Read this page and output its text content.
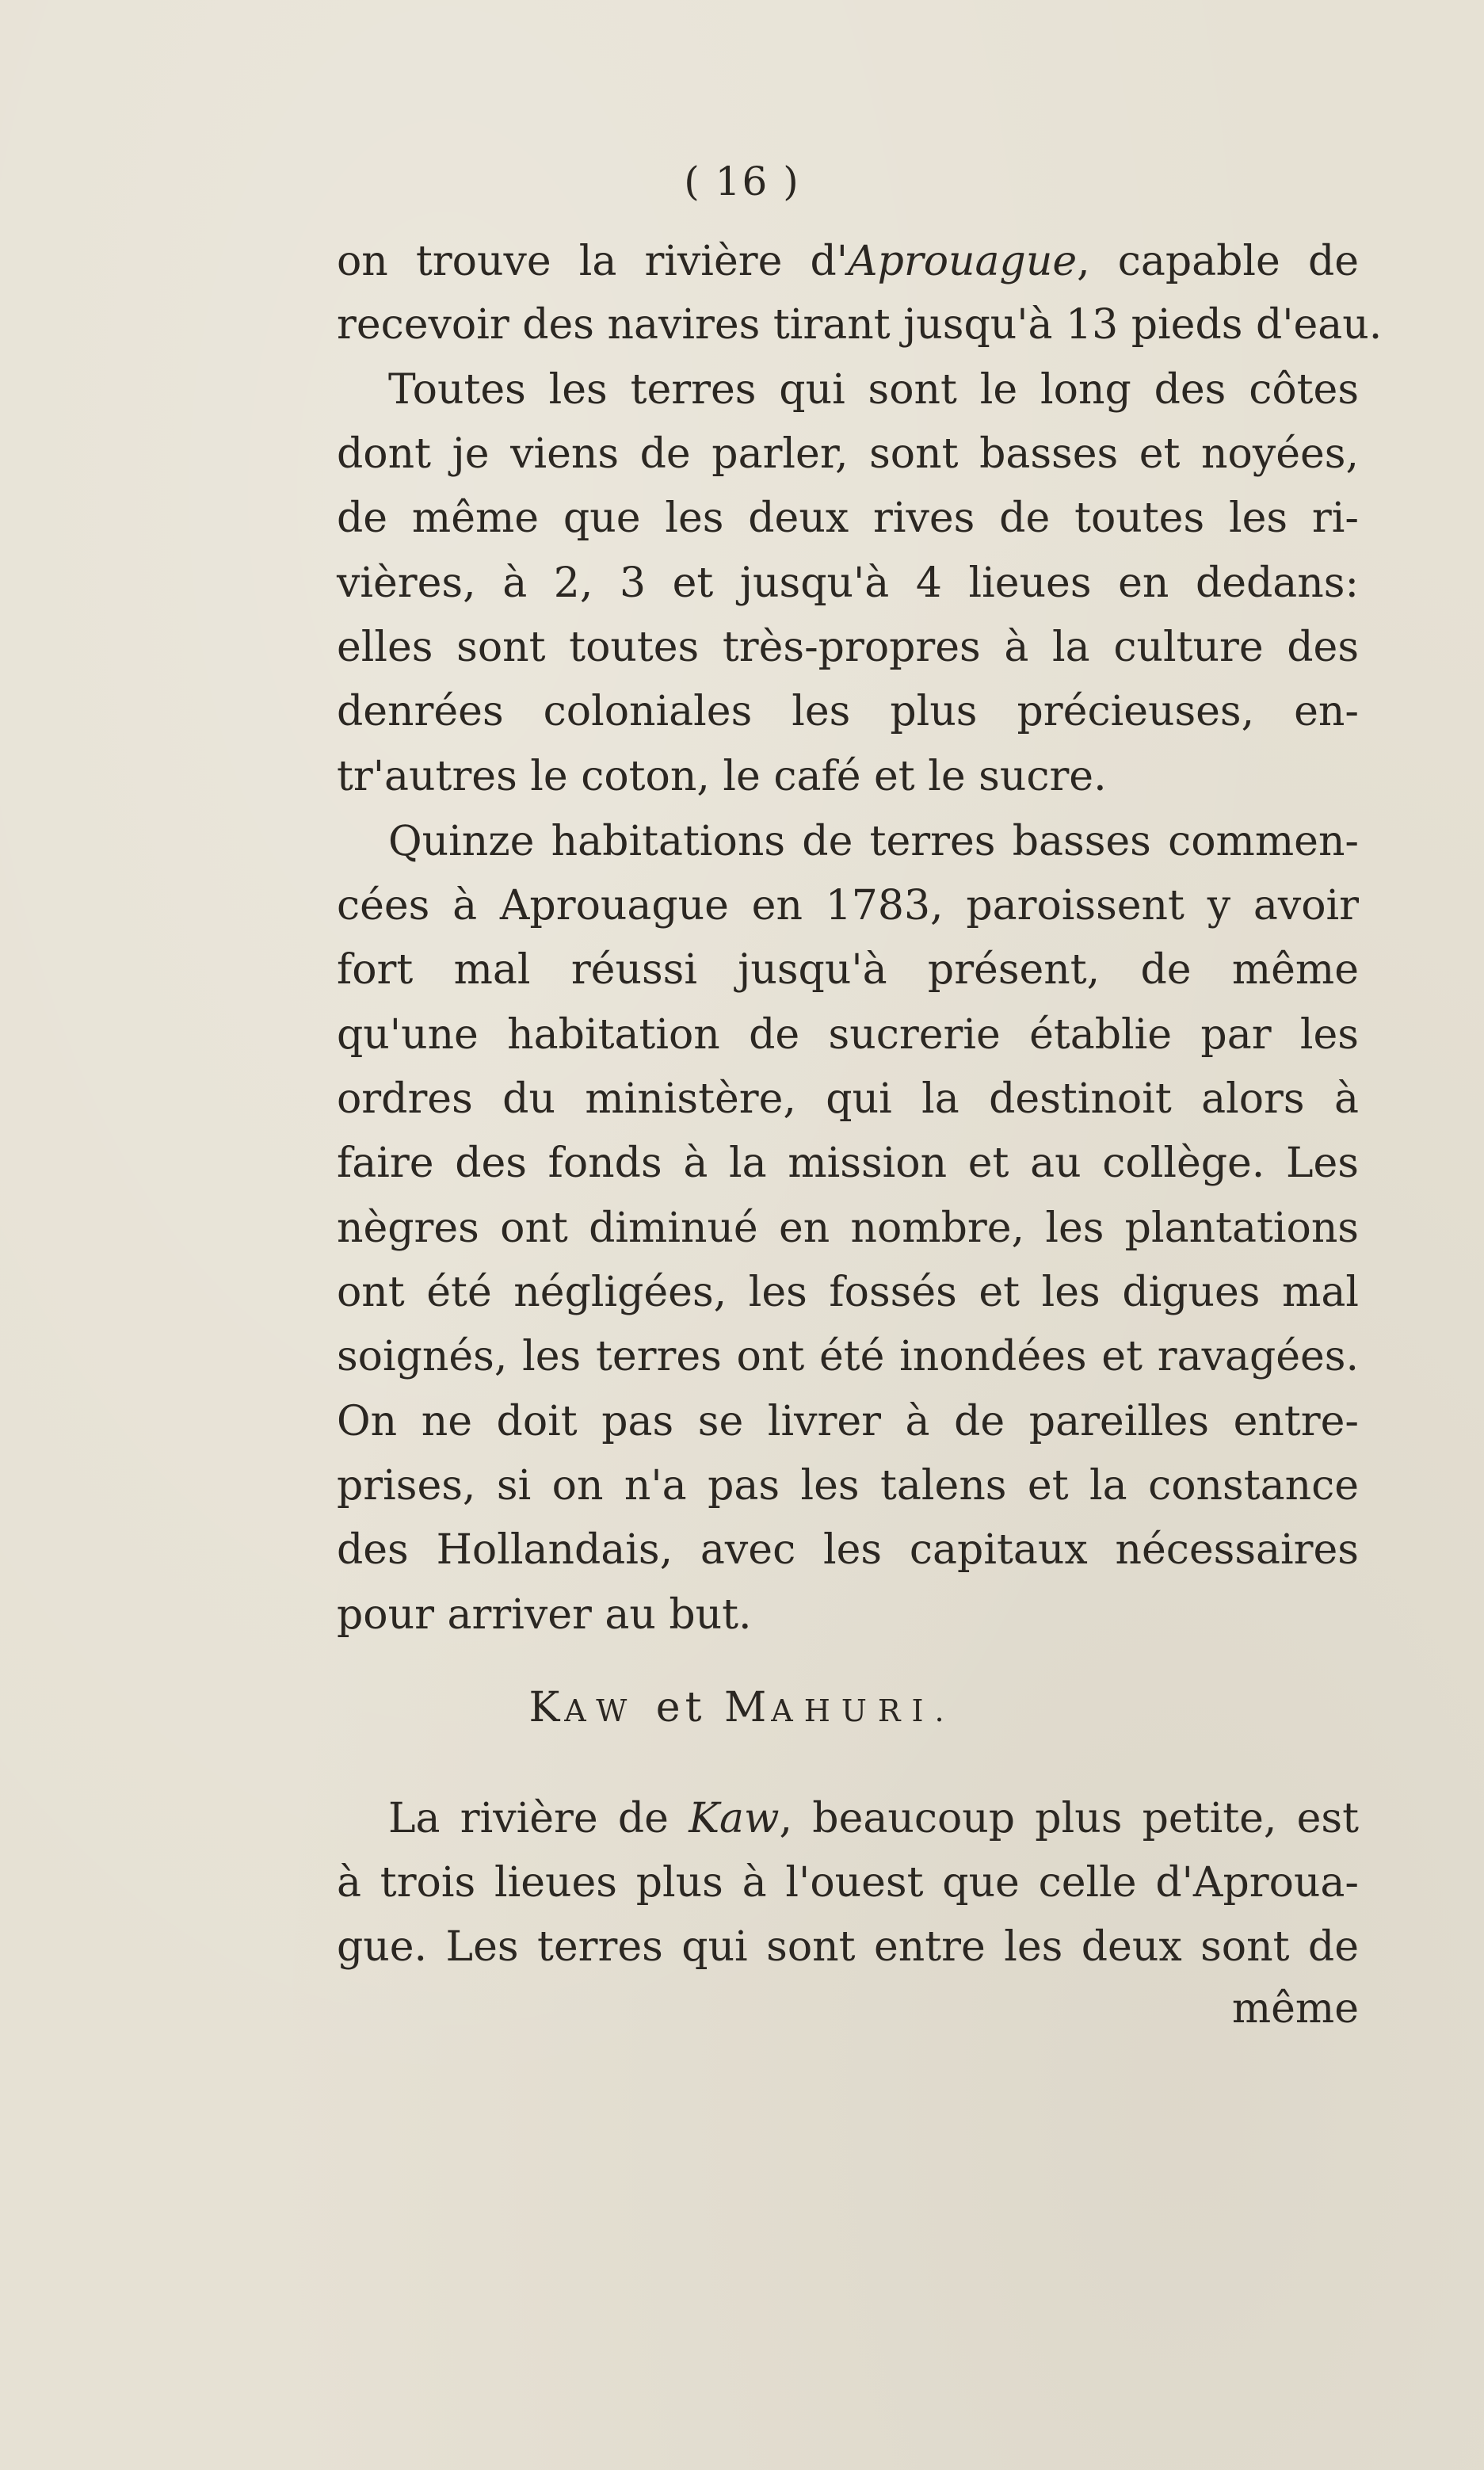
( 16 )
on trouve la rivière d'Aprouague, capable de
recevoir des navires tirant jusqu'à 13 pieds d'eau.
Toutes les terres qui sont le long des côtes
dont je viens de parler, sont basses et noyées,
de même que les deux rives de toutes les ri-
vières, à 2, 3 et jusqu'à 4 lieues en dedans:
elles sont toutes très-propres à la culture des
denrées coloniales les plus précieuses, en-
tr'autres le coton, le café et le sucre.
Quinze habitations de terres basses commen-
cées à Aprouague en 1783, paroissent y avoir
fort mal réussi jusqu'à présent, de même
qu'une habitation de sucrerie établie par les
ordres du ministère, qui la destinoit alors à
faire des fonds à la mission et au collège. Les
nègres ont diminué en nombre, les plantations
ont été négligées, les fossés et les digues mal
soignés, les terres ont été inondées et ravagées.
On ne doit pas se livrer à de pareilles entre-
prises, si on n'a pas les talens et la constance
des Hollandais, avec les capitaux nécessaires
pour arriver au but.
KAW et MAHURI.
La rivière de Kaw, beaucoup plus petite, est
à trois lieues plus à l'ouest que celle d'Aproua-
gue. Les terres qui sont entre les deux sont de
même
